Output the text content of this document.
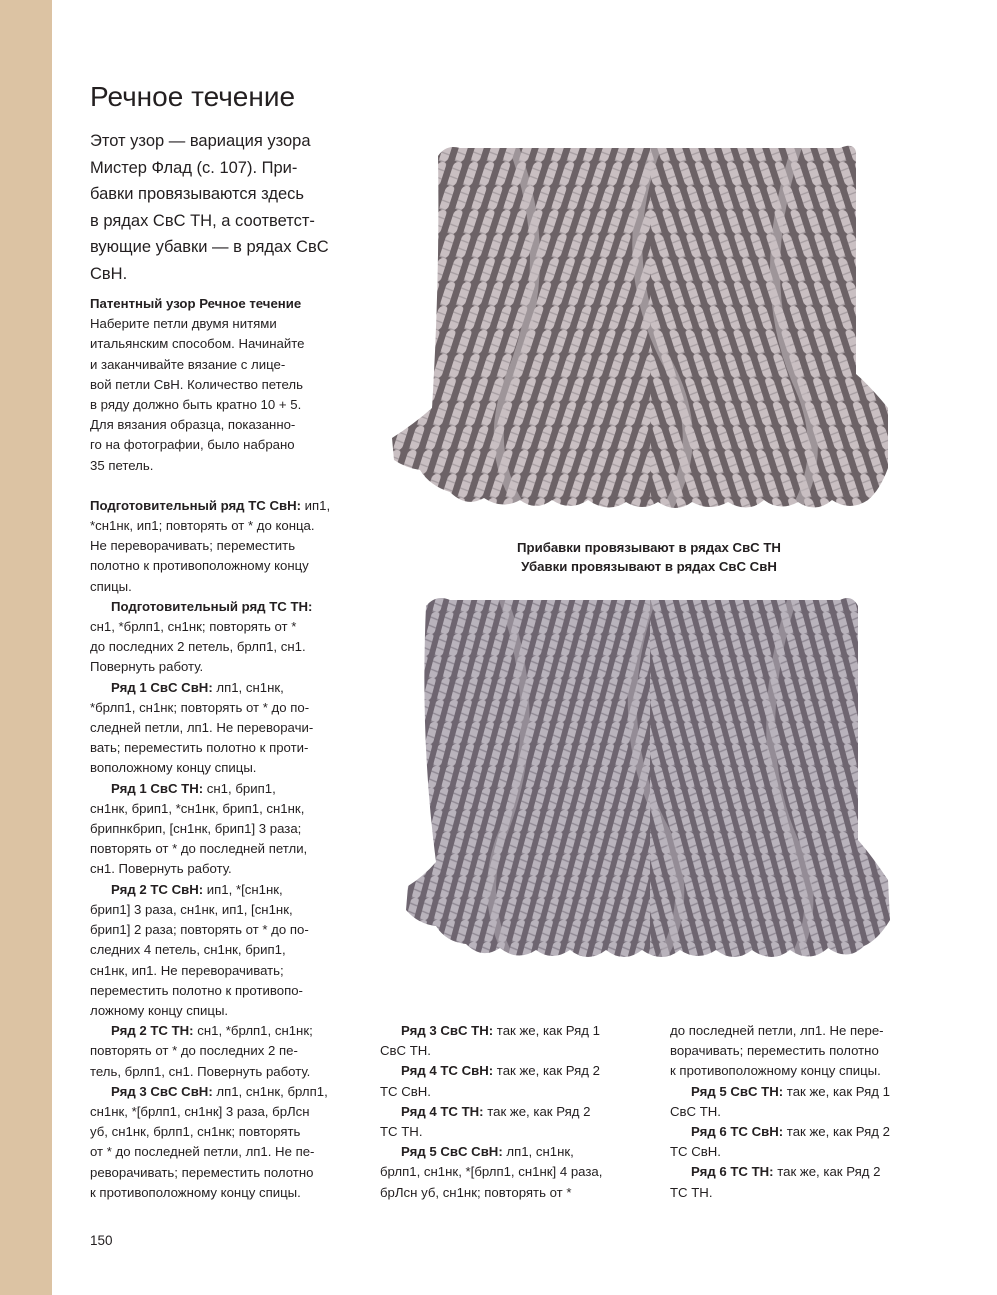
Речное течение
Этот узор — вариация узора
Мистер Флад (с. 107). При-
бавки провязываются здесь
в рядах СвС ТН, а соответст-
вующие убавки — в рядах СвС
СвН.
Патентный узор Речное течение
Наберите петли двумя нитями
итальянским способом. Начинайте
и заканчивайте вязание с лице-
вой петли СвН. Количество петель
в ряду должно быть кратно 10 + 5.
Для вязания образца, показанно-
го на фотографии, было набрано
35 петель.
Подготовительный ряд ТС СвН: ип1,
*сн1нк, ип1; повторять от * до конца.
Не переворачивать; переместить
полотно к противоположному концу
спицы.
Подготовительный ряд ТС ТН:
сн1, *брлп1, сн1нк; повторять от *
до последних 2 петель, брлп1, сн1.
Повернуть работу.
Ряд 1 СвС СвН: лп1, сн1нк,
*брлп1, сн1нк; повторять от * до по-
следней петли, лп1. Не переворачи-
вать; переместить полотно к проти-
воположному концу спицы.
Ряд 1 СвС ТН: сн1, брип1,
сн1нк, брип1, *сн1нк, брип1, сн1нк,
брипнкбрип, [сн1нк, брип1] 3 раза;
повторять от * до последней петли,
сн1. Повернуть работу.
Ряд 2 ТС СвН: ип1, *[сн1нк,
брип1] 3 раза, сн1нк, ип1, [сн1нк,
брип1] 2 раза; повторять от * до по-
следних 4 петель, сн1нк, брип1,
сн1нк, ип1. Не переворачивать;
переместить полотно к противопо-
ложному концу спицы.
Ряд 2 ТС ТН: сн1, *брлп1, сн1нк;
повторять от * до последних 2 пе-
тель, брлп1, сн1. Повернуть работу.
Ряд 3 СвС СвН: лп1, сн1нк, брлп1,
сн1нк, *[брлп1, сн1нк] 3 раза, брЛсн
уб, сн1нк, брлп1, сн1нк; повторять
от * до последней петли, лп1. Не пе-
реворачивать; переместить полотно
к противоположному концу спицы.
Прибавки провязывают в рядах СвС ТН
Убавки провязывают в рядах СвС СвН
Ряд 3 СвС ТН: так же, как Ряд 1
СвС ТН.
Ряд 4 ТС СвН: так же, как Ряд 2
ТС СвН.
Ряд 4 ТС ТН: так же, как Ряд 2
ТС ТН.
Ряд 5 СвС СвН: лп1, сн1нк,
брлп1, сн1нк, *[брлп1, сн1нк] 4 раза,
брЛсн уб, сн1нк; повторять от *
до последней петли, лп1. Не пере-
ворачивать; переместить полотно
к противоположному концу спицы.
Ряд 5 СвС ТН: так же, как Ряд 1
СвС ТН.
Ряд 6 ТС СвН: так же, как Ряд 2
ТС СвН.
Ряд 6 ТС ТН: так же, как Ряд 2
ТС ТН.
150
